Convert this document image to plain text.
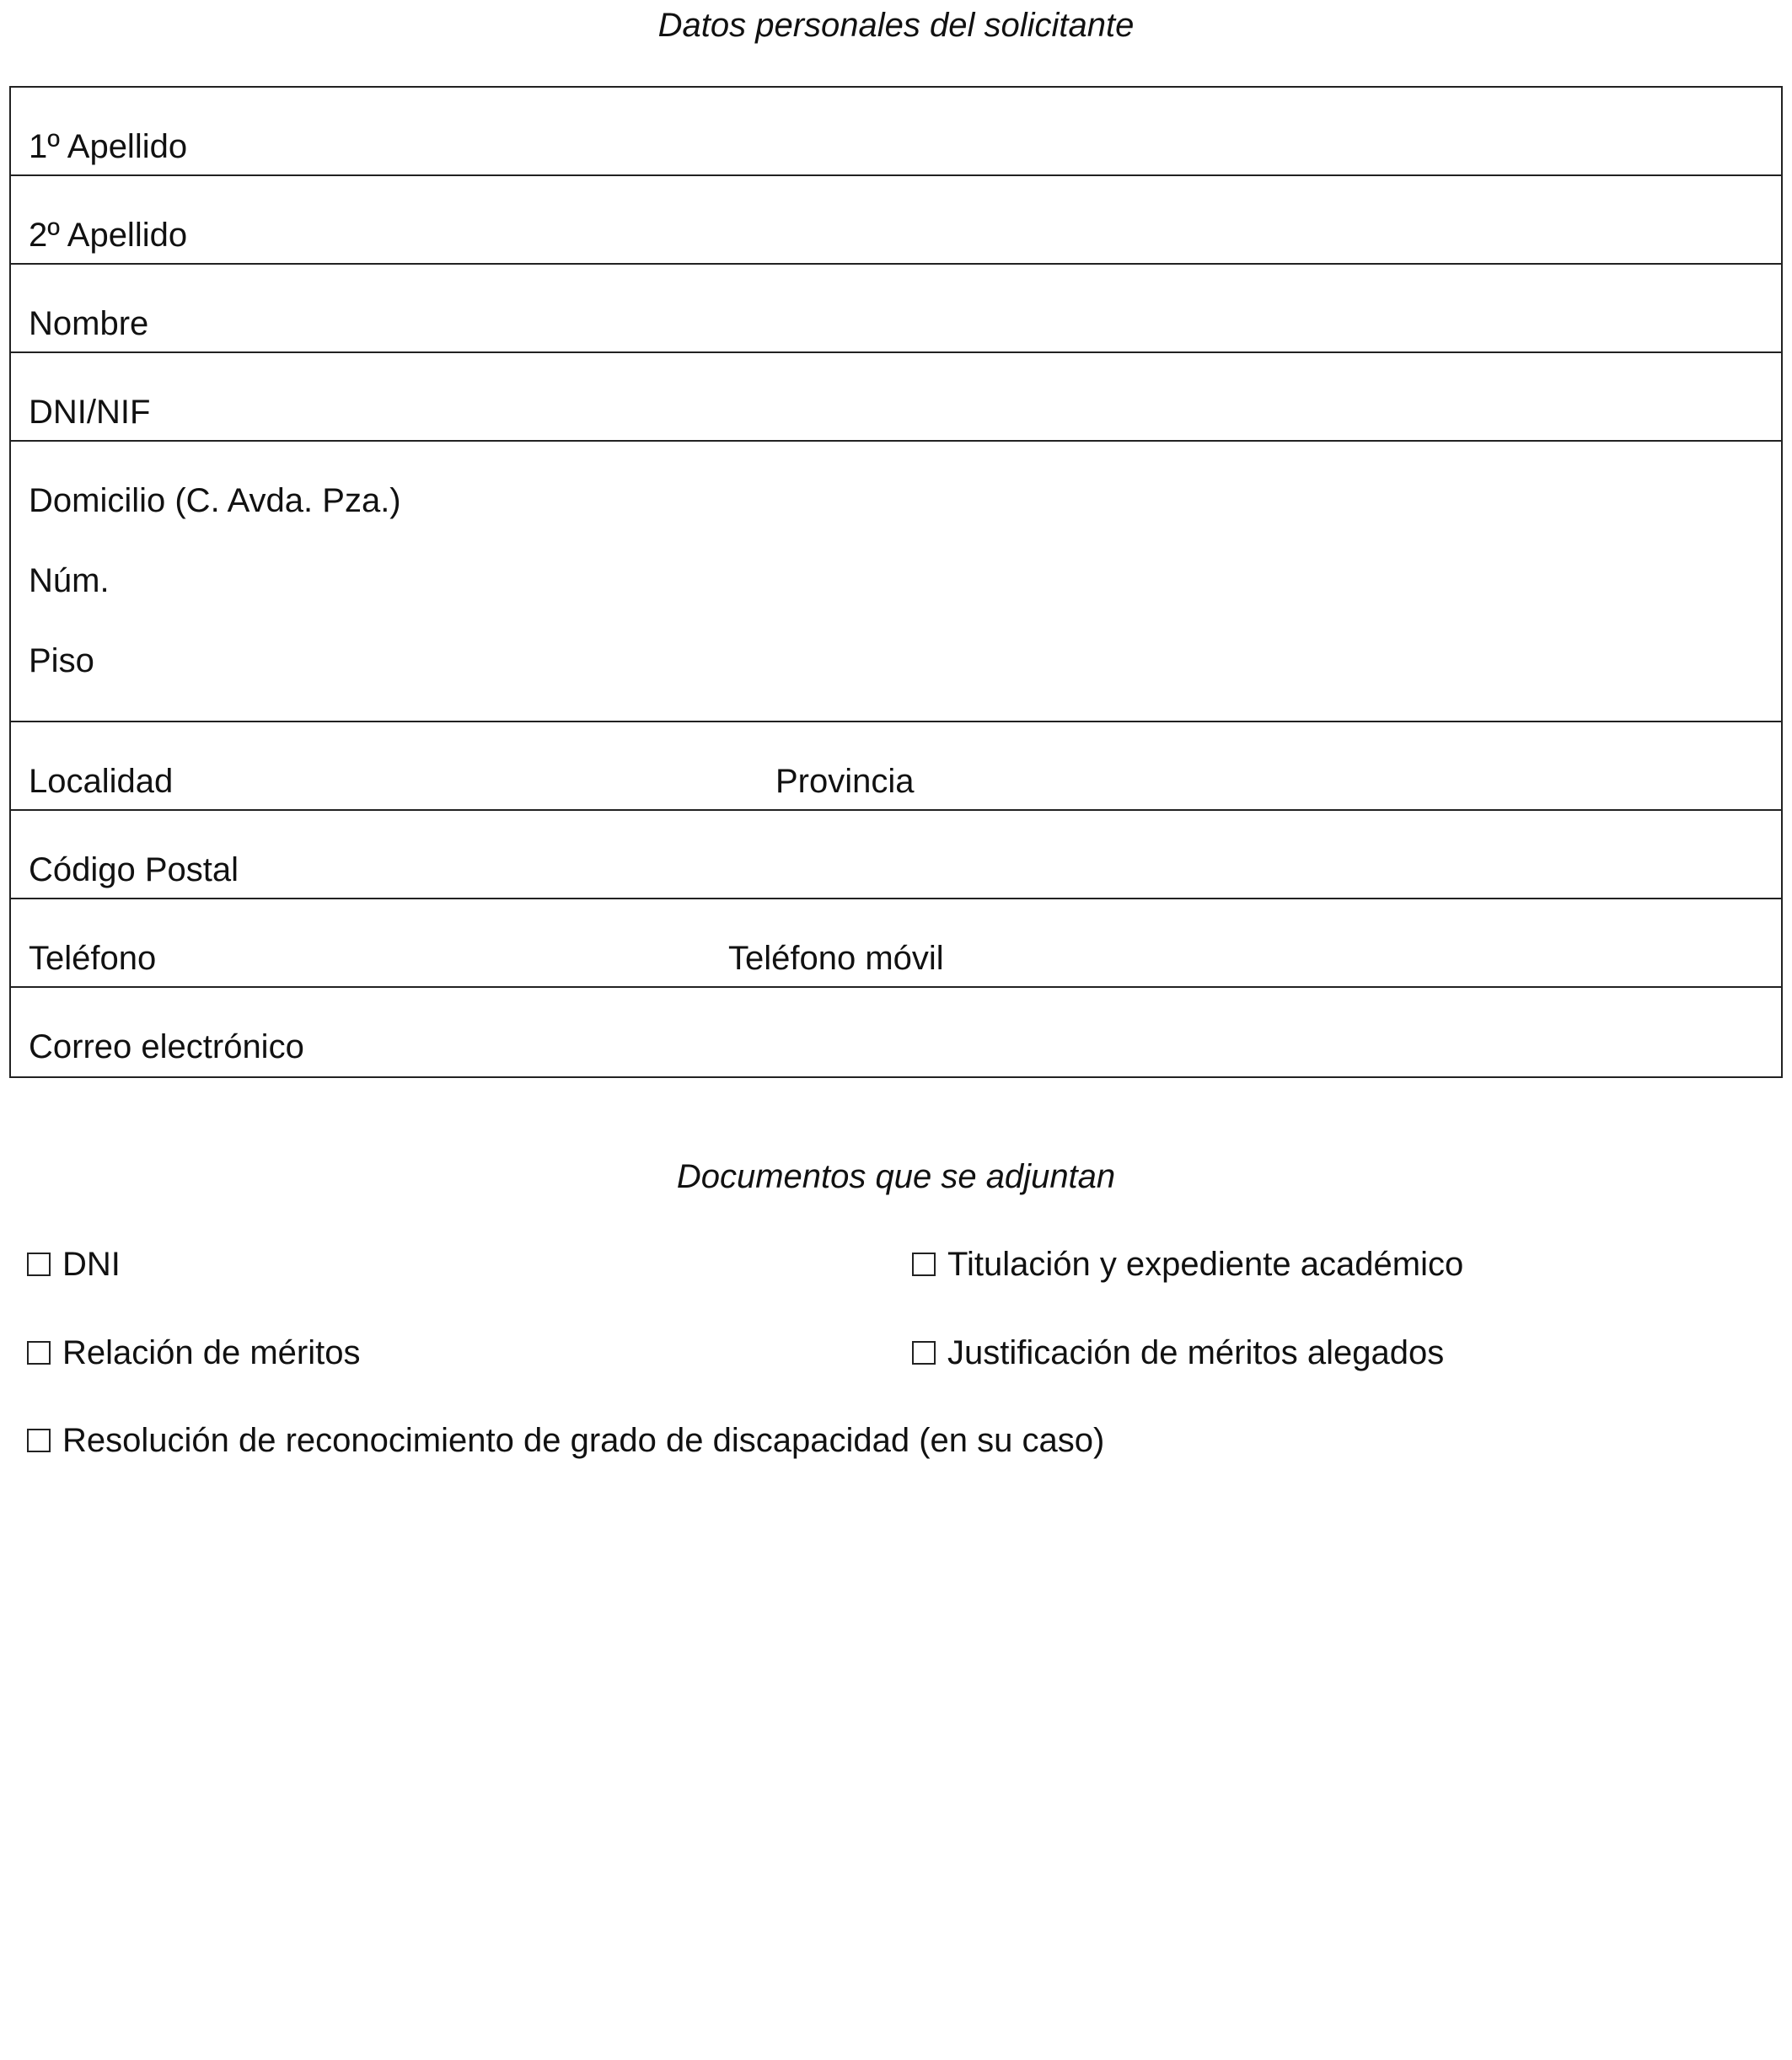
Datos personales del solicitante
1º Apellido
2º Apellido
Nombre
DNI/NIF
Domicilio (C. Avda. Pza.)
Núm.
Piso
Localidad	Provincia
Código Postal
Teléfono	Teléfono móvil
Correo electrónico
Documentos que se adjuntan
DNI	Titulación y expediente académico
Relación de méritos	Justificación de méritos alegados
Resolución de reconocimiento de grado de discapacidad (en su caso)
